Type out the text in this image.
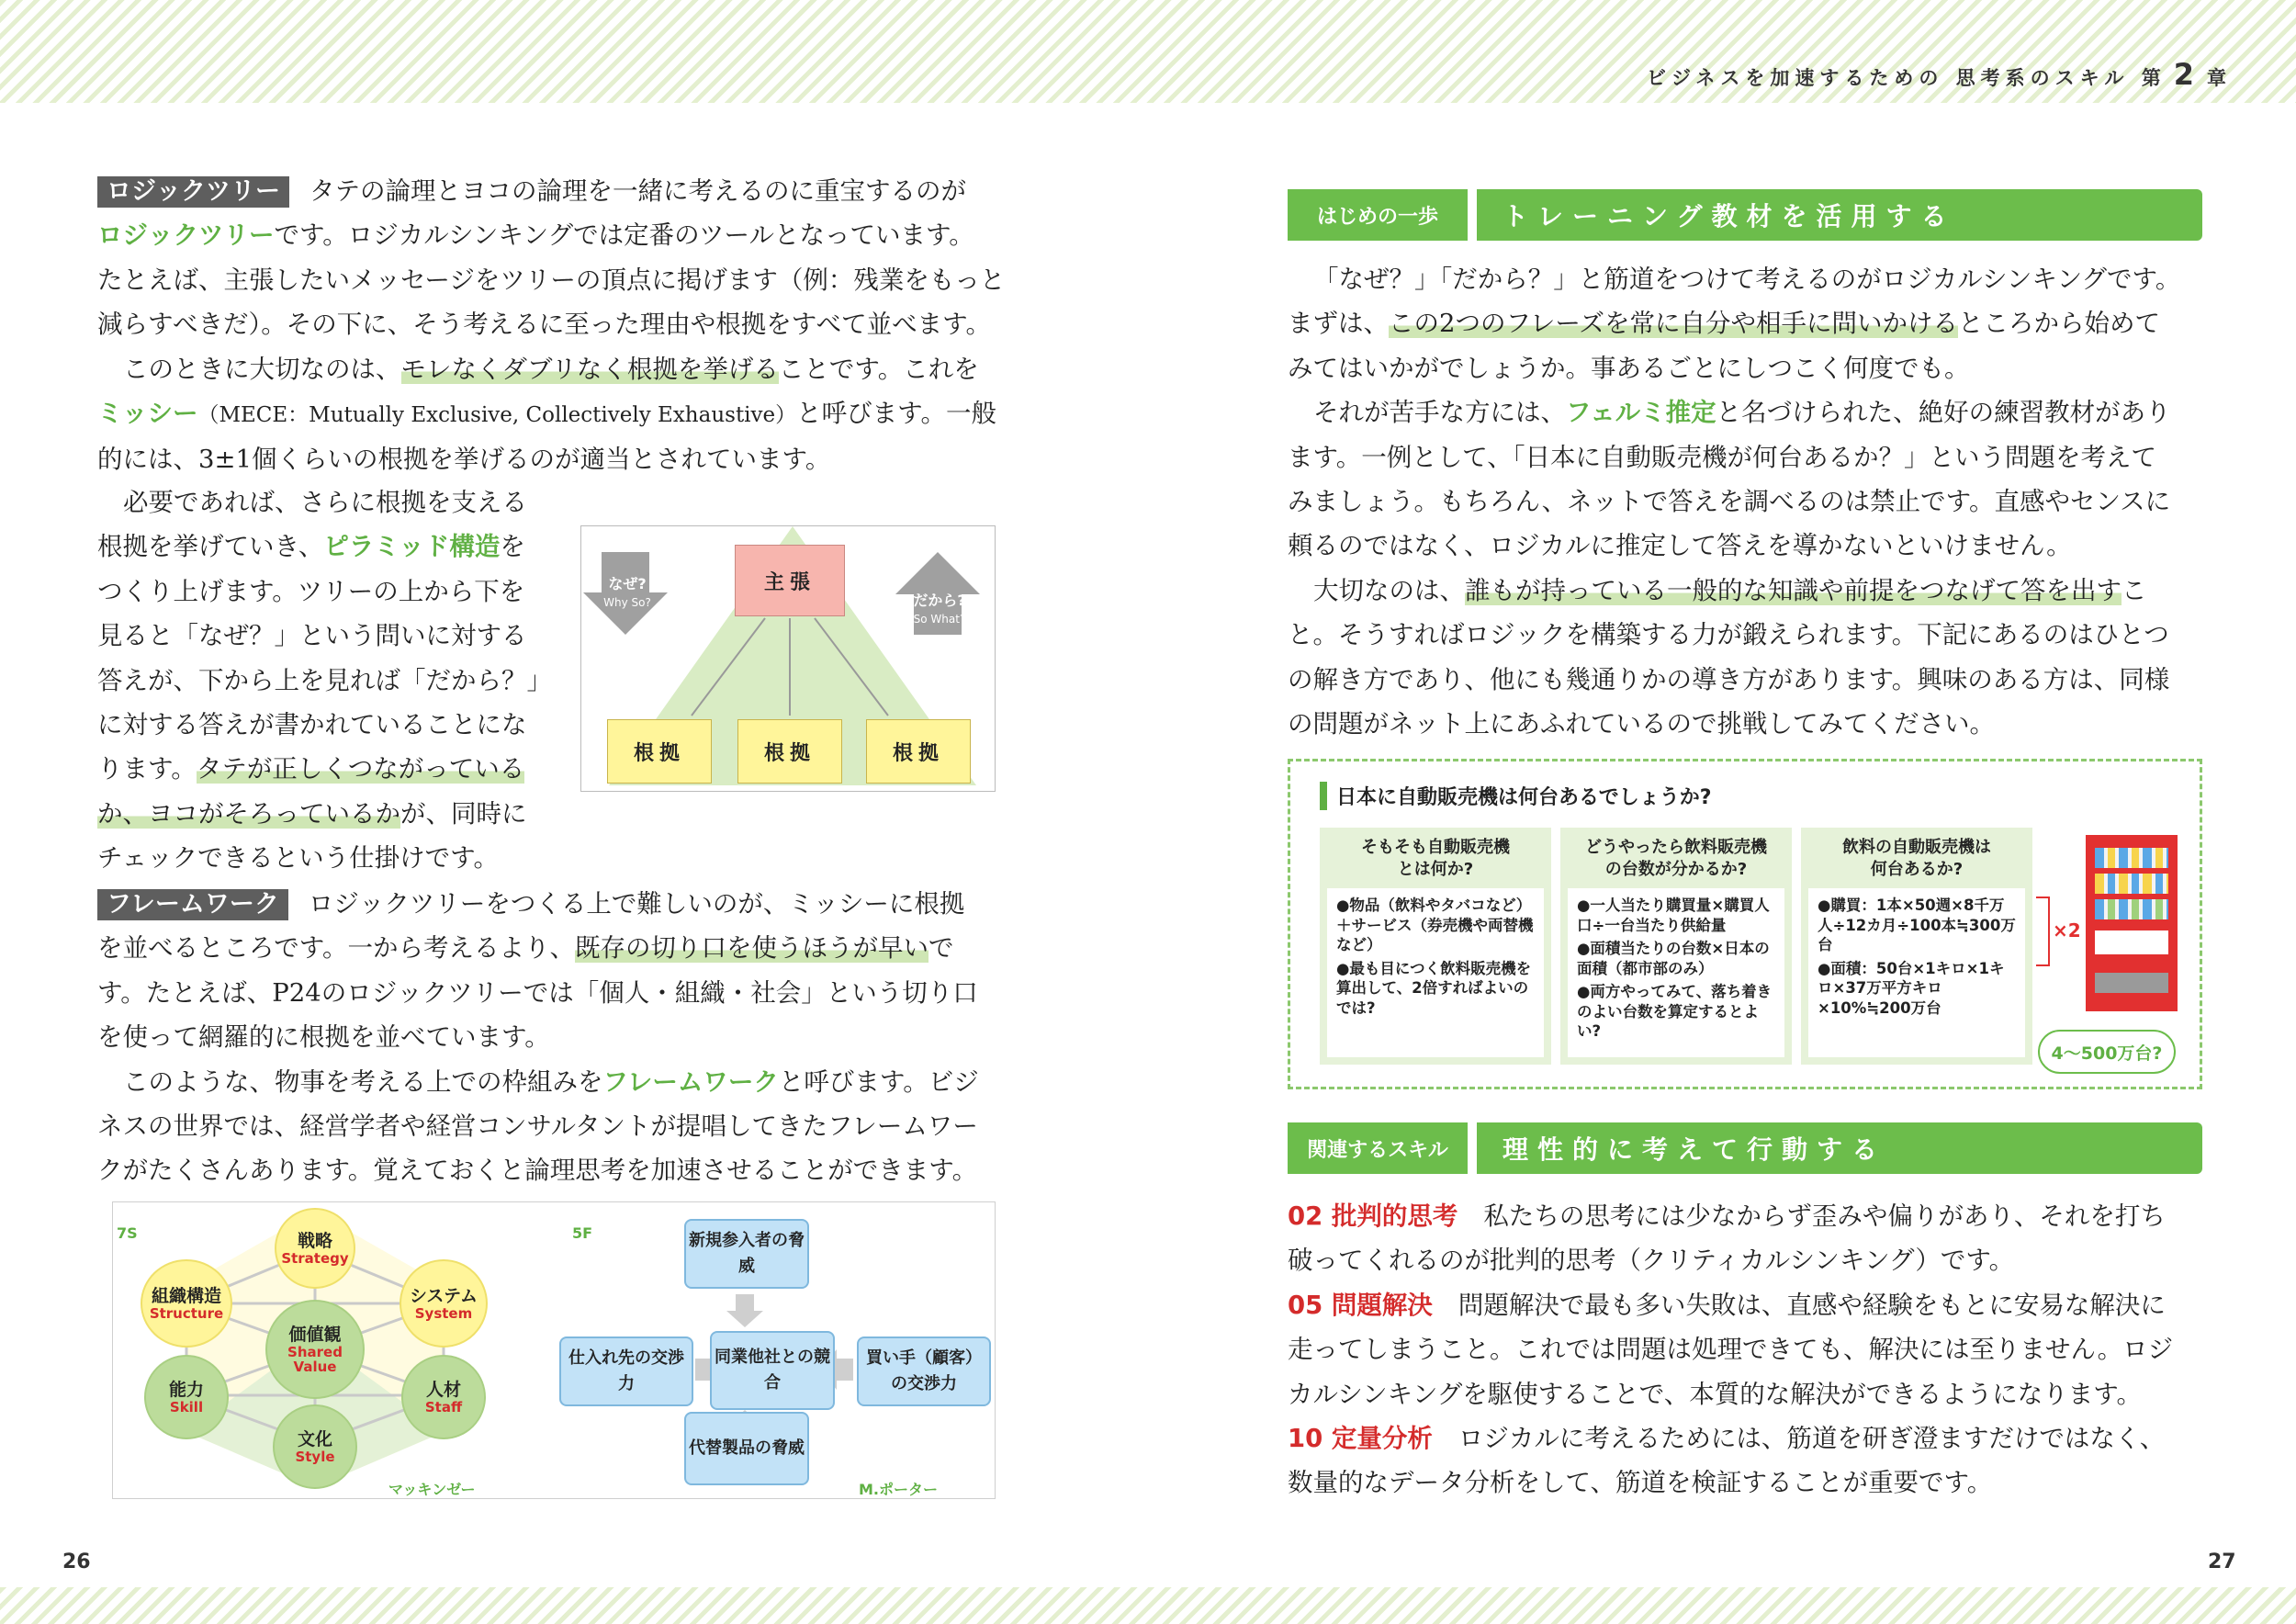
ビジネスを加速するための 思考系のスキル 第 2 章
26	27
ロジックツリー タテの論理とヨコの論理を一緒に考えるのに重宝するのが
ロジックツリーです。ロジカルシンキングでは定番のツールとなっています。
たとえば、主張したいメッセージをツリーの頂点に掲げます（例：残業をもっと
減らすべきだ）。その下に、そう考えるに至った理由や根拠をすべて並べます。
このときに大切なのは、モレなくダブリなく根拠を挙げることです。これを
ミッシー（MECE：Mutually Exclusive, Collectively Exhaustive）と呼びます。一般
的には、3±1個くらいの根拠を挙げるのが適当とされています。
必要であれば、さらに根拠を支える
根拠を挙げていき、ピラミッド構造を
つくり上げます。ツリーの上から下を
見ると「なぜ？」という問いに対する
答えが、下から上を見れば「だから？」
に対する答えが書かれていることにな
ります。タテが正しくつながっている
か、ヨコがそろっているかが、同時に
チェックできるという仕掛けです。
なぜ?
Why So?	だから?
So What?
主張
根拠	根拠	根拠
フレームワーク ロジックツリーをつくる上で難しいのが、ミッシーに根拠
を並べるところです。一から考えるより、既存の切り口を使うほうが早いで
す。たとえば、P24のロジックツリーでは「個人・組織・社会」という切り口
を使って網羅的に根拠を並べています。
このような、物事を考える上での枠組みをフレームワークと呼びます。ビジ
ネスの世界では、経営学者や経営コンサルタントが提唱してきたフレームワー
クがたくさんあります。覚えておくと論理思考を加速させることができます。
7S	戦略
Strategy
組織構造
Structure
システム
System
価値観
Shared Value
能力
Skill
人材
Staff
文化
Style
マッキンゼー
5F	新規参入者の脅威
仕入れ先の交渉力
同業他社との競合
買い手（顧客）の交渉力
代替製品の脅威
M.ポーター
はじめの一歩	トレーニング教材を活用する
「なぜ？」「だから？」と筋道をつけて考えるのがロジカルシンキングです。
まずは、この2つのフレーズを常に自分や相手に問いかけるところから始めて
みてはいかがでしょうか。事あるごとにしつこく何度でも。
それが苦手な方には、フェルミ推定と名づけられた、絶好の練習教材があり
ます。一例として、「日本に自動販売機が何台あるか？」という問題を考えて
みましょう。もちろん、ネットで答えを調べるのは禁止です。直感やセンスに
頼るのではなく、ロジカルに推定して答えを導かないといけません。
大切なのは、誰もが持っている一般的な知識や前提をつなげて答を出すこ
と。そうすればロジックを構築する力が鍛えられます。下記にあるのはひとつ
の解き方であり、他にも幾通りかの導き方があります。興味のある方は、同様
の問題がネット上にあふれているので挑戦してみてください。
日本に自動販売機は何台あるでしょうか?
そもそも自動販売機
とは何か?

●物品（飲料やタバコなど）＋サービス（券売機や両替機など）

●最も目につく飲料販売機を算出して、2倍すればよいのでは?

どうやったら飲料販売機
の台数が分かるか?

●一人当たり購買量×購買人口÷一台当たり供給量

●面積当たりの台数×日本の面積（都市部のみ）

●両方やってみて、落ち着きのよい台数を算定するとよい?

飲料の自動販売機は
何台あるか?

●購買：1本×50週×8千万人÷12カ月÷100本≒300万台

●面積：50台×1キロ×1キロ×37万平方キロ×10%≒200万台

×2
4〜500万台?
関連するスキル	理性的に考えて行動する
02 批判的思考 私たちの思考には少なからず歪みや偏りがあり、それを打ち
破ってくれるのが批判的思考（クリティカルシンキング）です。
05 問題解決 問題解決で最も多い失敗は、直感や経験をもとに安易な解決に
走ってしまうこと。これでは問題は処理できても、解決には至りません。ロジ
カルシンキングを駆使することで、本質的な解決ができるようになります。
10 定量分析 ロジカルに考えるためには、筋道を研ぎ澄ますだけではなく、
数量的なデータ分析をして、筋道を検証することが重要です。
